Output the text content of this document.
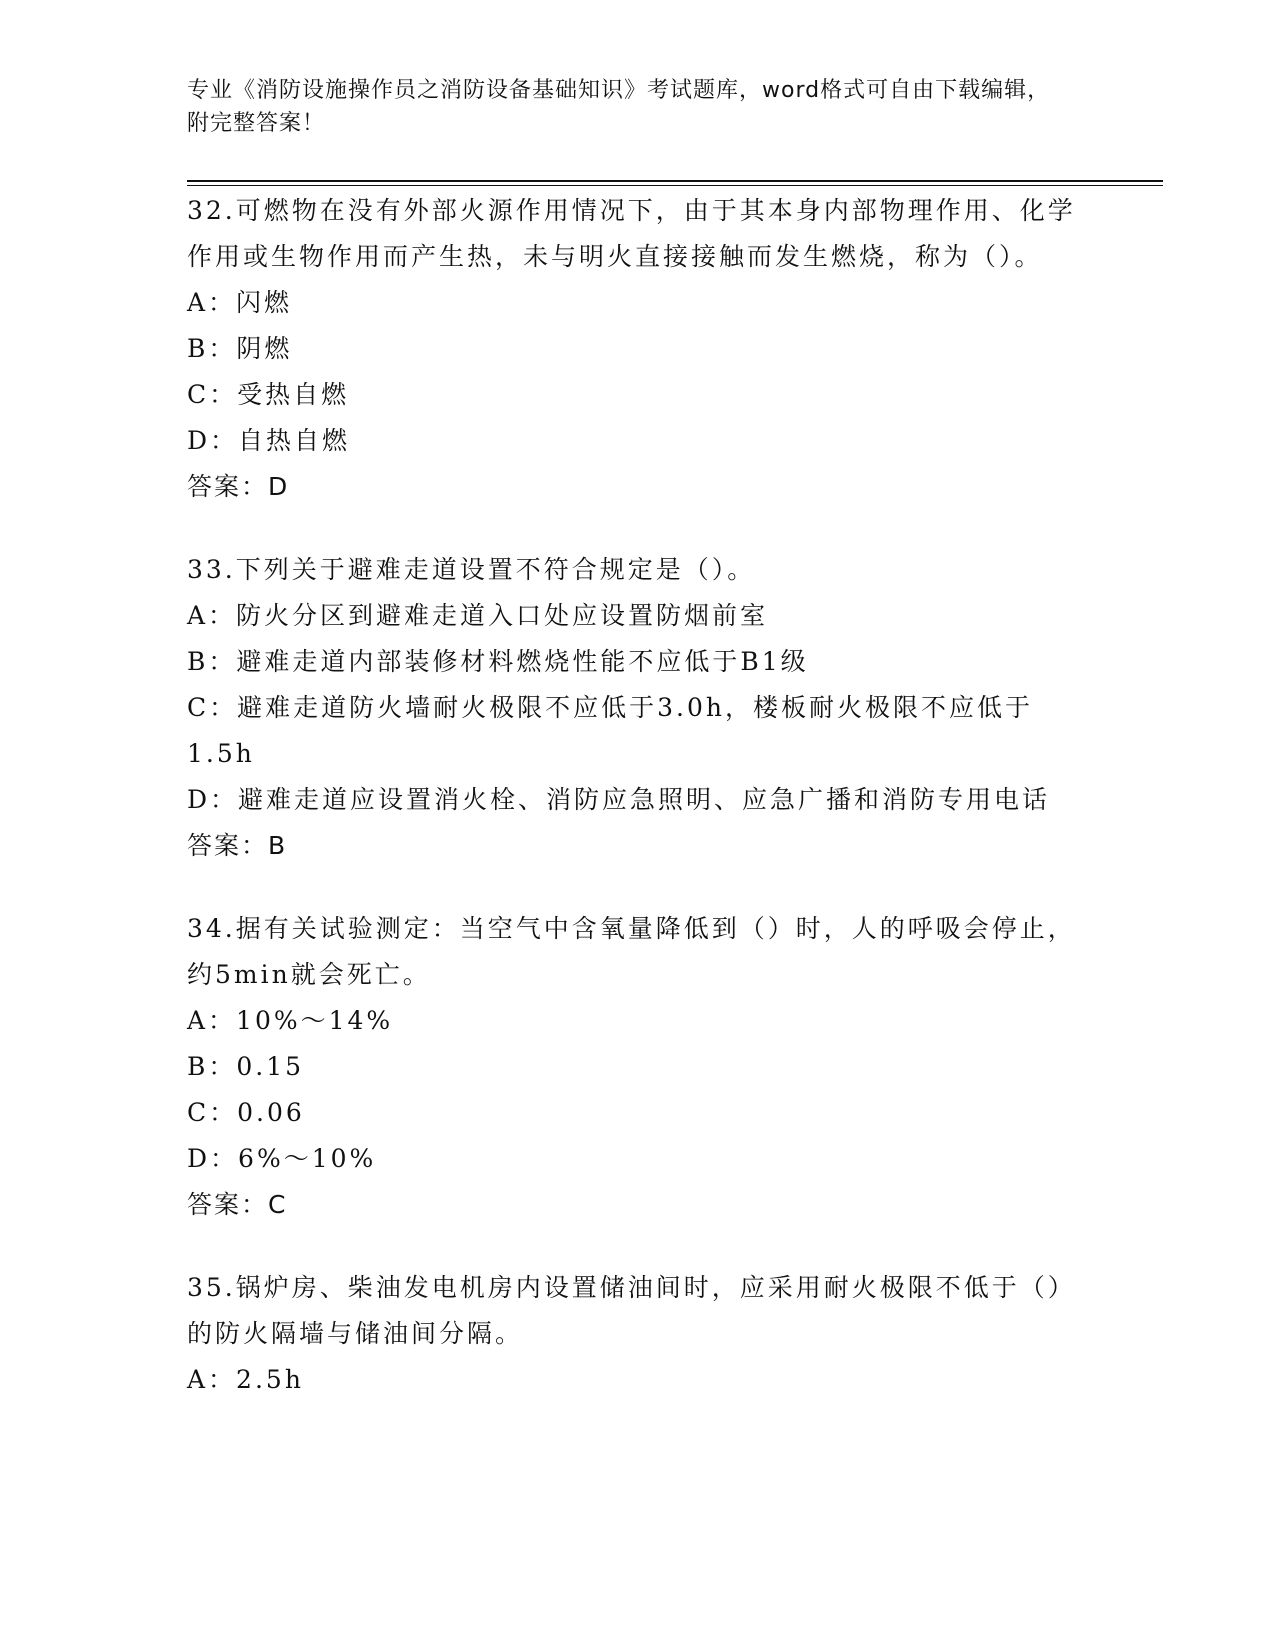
专业《消防设施操作员之消防设备基础知识》考试题库，word格式可自由下载编辑，附完整答案！
32.可燃物在没有外部火源作用情况下，由于其本身内部物理作用、化学作用或生物作用而产生热，未与明火直接接触而发生燃烧，称为（）。
A：闪燃
B：阴燃
C：受热自燃
D：自热自燃
答案：D
33.下列关于避难走道设置不符合规定是（）。
A：防火分区到避难走道入口处应设置防烟前室
B：避难走道内部装修材料燃烧性能不应低于B1级
C：避难走道防火墙耐火极限不应低于3.0h，楼板耐火极限不应低于1.5h
D：避难走道应设置消火栓、消防应急照明、应急广播和消防专用电话
答案：B
34.据有关试验测定：当空气中含氧量降低到（）时，人的呼吸会停止，约5min就会死亡。
A：10%～14%
B：0.15
C：0.06
D：6%～10%
答案：C
35.锅炉房、柴油发电机房内设置储油间时，应采用耐火极限不低于（）的防火隔墙与储油间分隔。
A：2.5h
